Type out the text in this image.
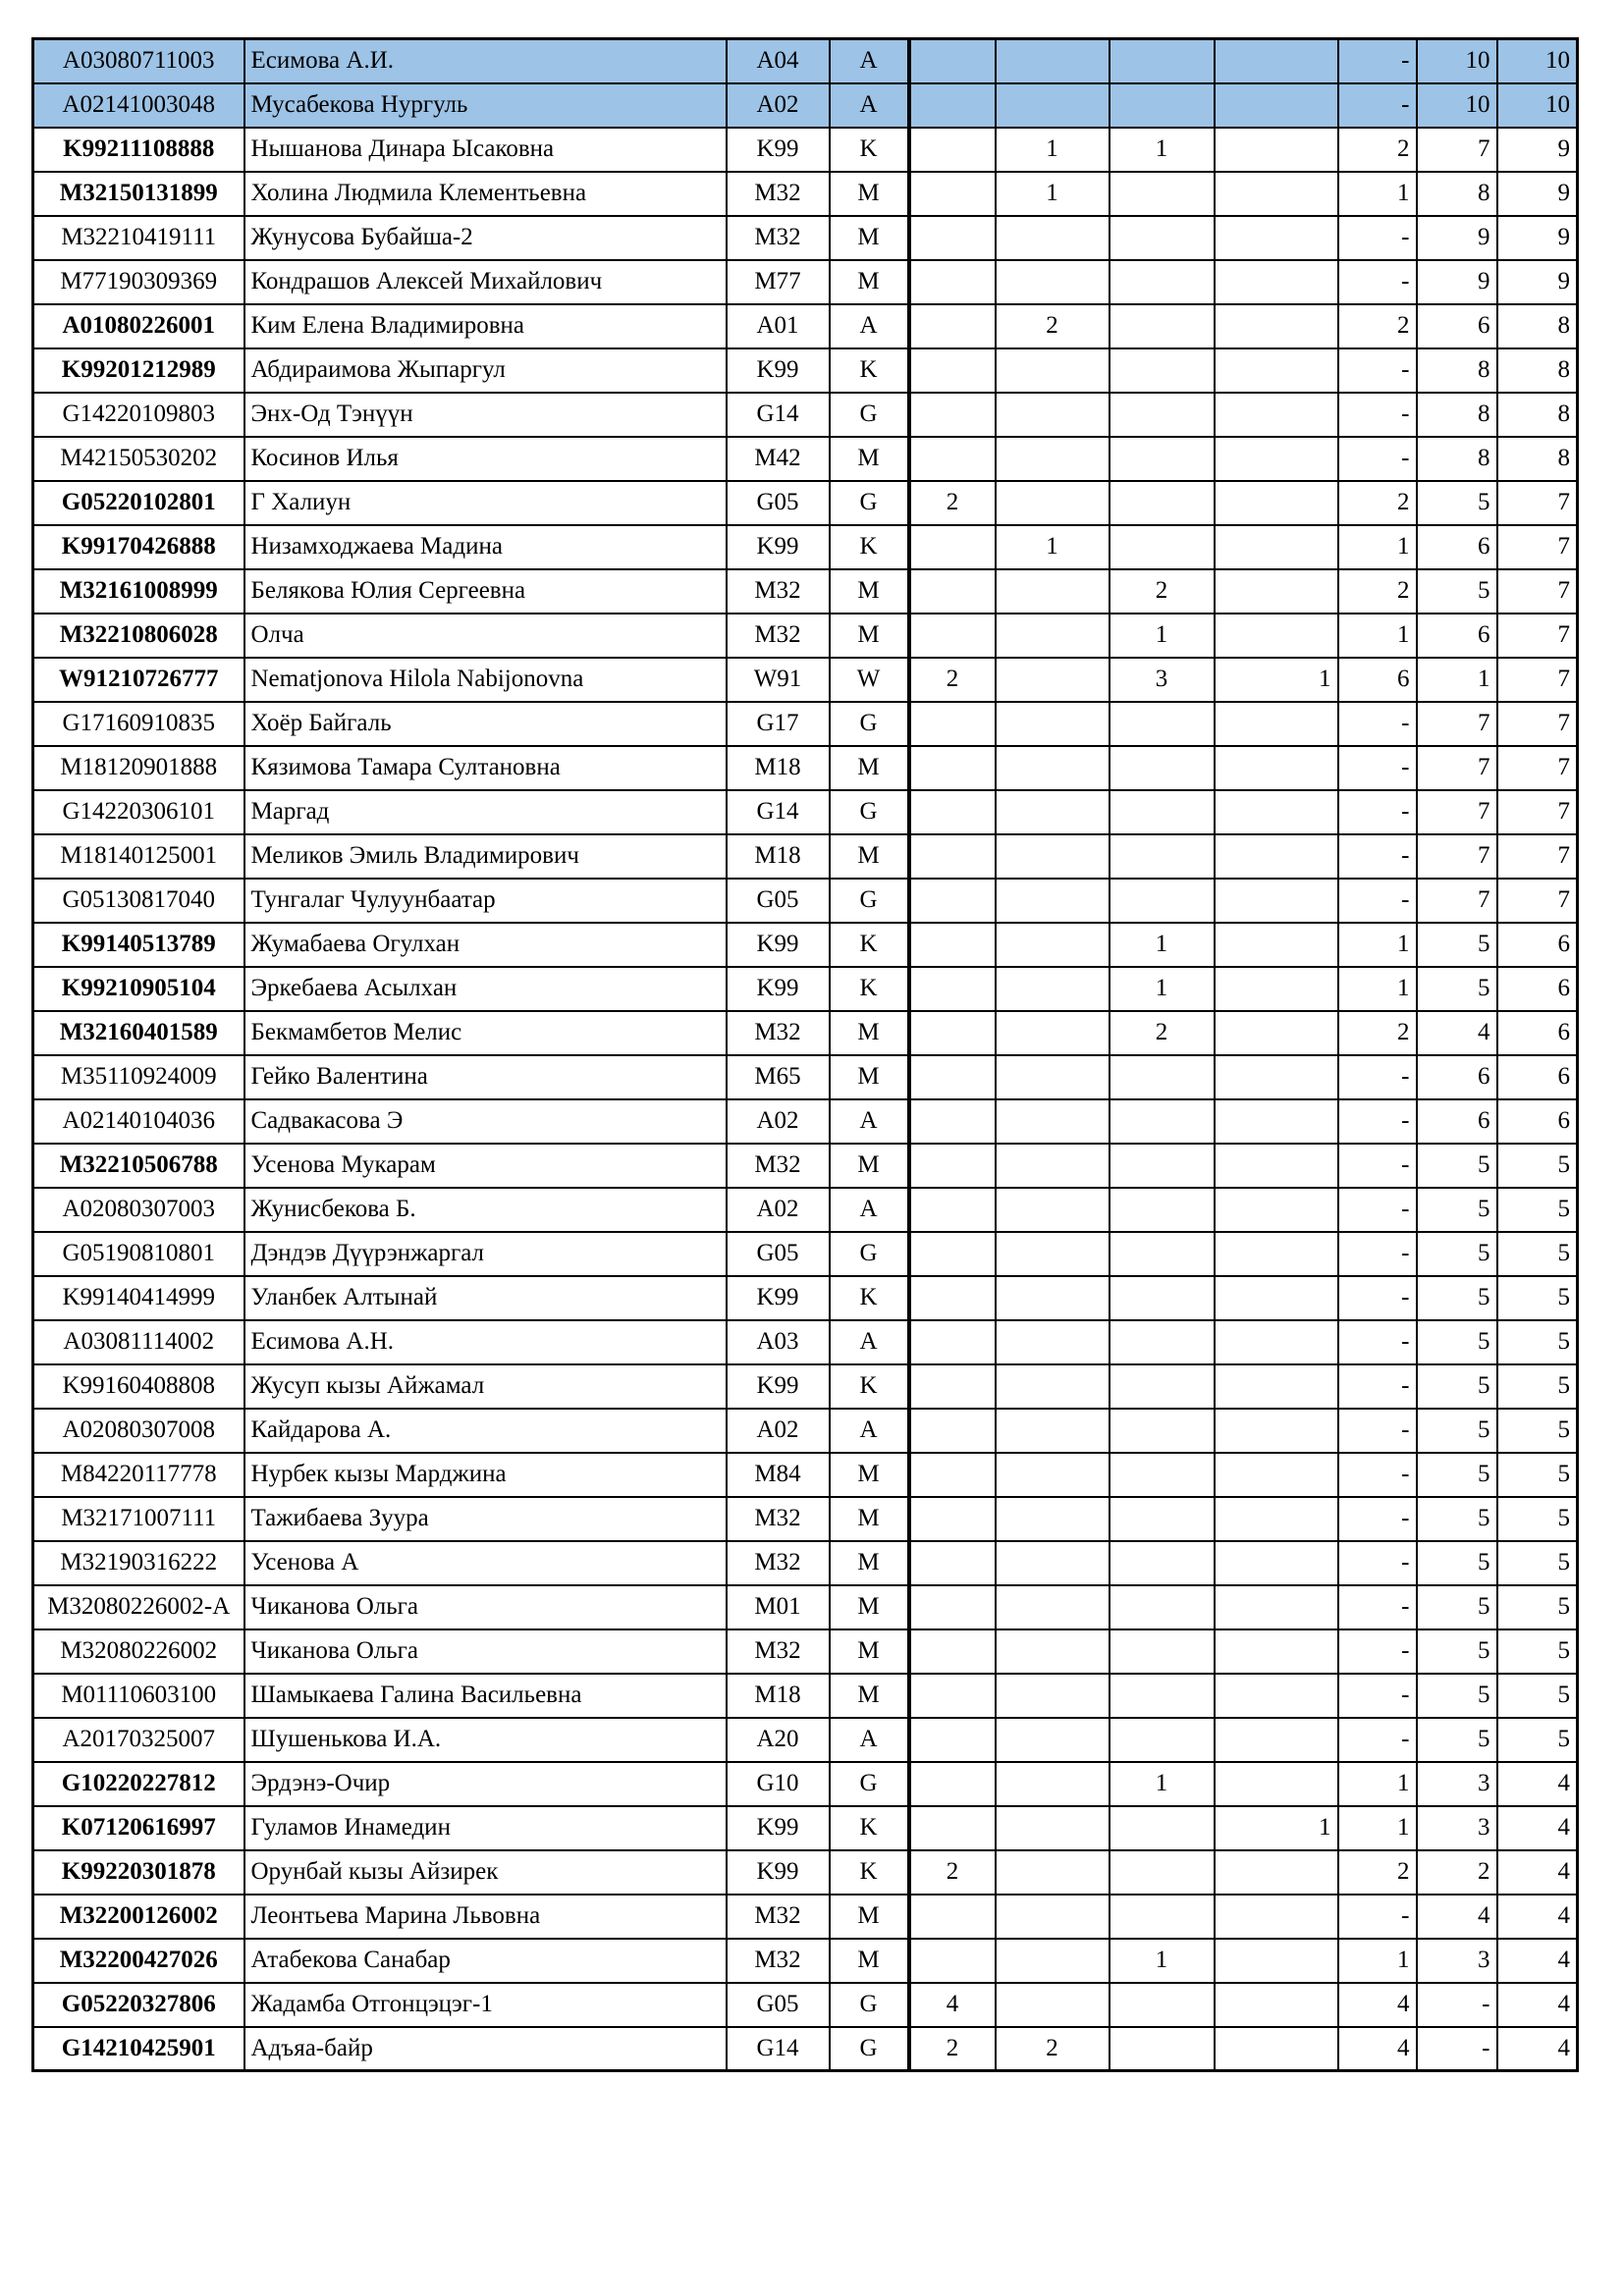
A03080711003	Есимова А.И.	A04	A					-	10	10
A02141003048	Мусабекова Нургуль	A02	A					-	10	10
K99211108888	Нышанова Динара Ысаковна	K99	K		1	1		2	7	9
M32150131899	Холина Людмила Клементьевна	M32	M		1			1	8	9
M32210419111	Жунусова Бубайша-2	M32	M					-	9	9
M77190309369	Кондрашов Алексей Михайлович	M77	M					-	9	9
A01080226001	Ким Елена Владимировна	A01	A		2			2	6	8
K99201212989	Абдираимова Жыпаргул	K99	K					-	8	8
G14220109803	Энх-Од Тэнүүн	G14	G					-	8	8
M42150530202	Косинов Илья	M42	M					-	8	8
G05220102801	Г Халиун	G05	G	2				2	5	7
K99170426888	Низамходжаева Мадина	K99	K		1			1	6	7
M32161008999	Белякова Юлия Сергеевна	M32	M			2		2	5	7
M32210806028	Олча	M32	M			1		1	6	7
W91210726777	Nematjonova Hilola Nabijonovna	W91	W	2		3	1	6	1	7
G17160910835	Хоёр Байгаль	G17	G					-	7	7
M18120901888	Кязимова Тамара Султановна	M18	M					-	7	7
G14220306101	Маргад	G14	G					-	7	7
M18140125001	Меликов Эмиль Владимирович	M18	M					-	7	7
G05130817040	Тунгалаг Чулуунбаатар	G05	G					-	7	7
K99140513789	Жумабаева Огулхан	K99	K			1		1	5	6
K99210905104	Эркебаева Асылхан	K99	K			1		1	5	6
M32160401589	Бекмамбетов Мелис	M32	M			2		2	4	6
M35110924009	Гейко Валентина	M65	M					-	6	6
A02140104036	Садвакасова Э	A02	A					-	6	6
M32210506788	Усенова Мукарам	M32	M					-	5	5
A02080307003	Жунисбекова Б.	A02	A					-	5	5
G05190810801	Дэндэв Дүүрэнжаргал	G05	G					-	5	5
K99140414999	Уланбек Алтынай	K99	K					-	5	5
A03081114002	Есимова А.Н.	A03	A					-	5	5
K99160408808	Жусуп кызы Айжамал	K99	K					-	5	5
A02080307008	Кайдарова А.	A02	A					-	5	5
M84220117778	Нурбек кызы Марджина	M84	M					-	5	5
M32171007111	Тажибаева Зуура	M32	M					-	5	5
M32190316222	Усенова А	M32	M					-	5	5
M32080226002-A	Чиканова Ольга	M01	M					-	5	5
M32080226002	Чиканова Ольга	M32	M					-	5	5
M01110603100	Шамыкаева Галина Васильевна	M18	M					-	5	5
A20170325007	Шушенькова И.А.	A20	A					-	5	5
G10220227812	Эрдэнэ-Очир	G10	G			1		1	3	4
K07120616997	Гуламов Инамедин	K99	K				1	1	3	4
K99220301878	Орунбай кызы Айзирек	K99	K	2				2	2	4
M32200126002	Леонтьева Марина Львовна	M32	M					-	4	4
M32200427026	Атабекова Санабар	M32	M			1		1	3	4
G05220327806	Жадамба Отгонцэцэг-1	G05	G	4				4	-	4
G14210425901	Адъяа-байр	G14	G	2	2			4	-	4
